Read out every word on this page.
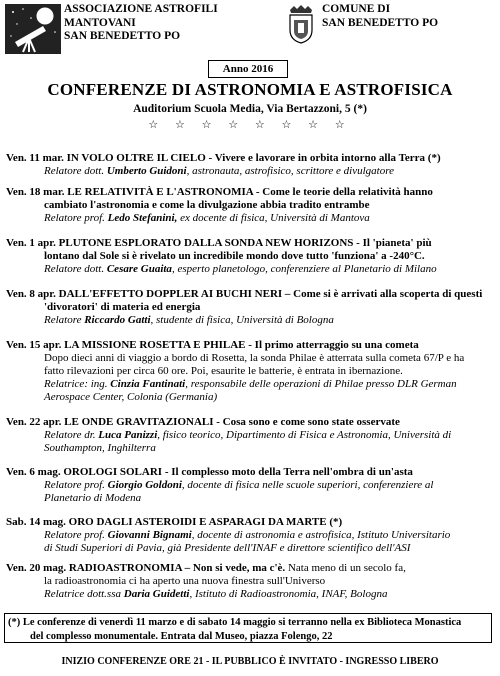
ASSOCIAZIONE ASTROFILI
MANTOVANI
SAN BENEDETTO PO
COMUNE DI
SAN BENEDETTO PO
Anno 2016
CONFERENZE DI ASTRONOMIA E ASTROFISICA
Auditorium Scuola Media, Via Bertazzoni, 5 (*)
☆ ☆ ☆ ☆ ☆ ☆ ☆ ☆
Ven. 11 mar. IN VOLO OLTRE IL CIELO - Vivere e lavorare in orbita intorno alla Terra (*)
Relatore dott. Umberto Guidoni, astronauta, astrofisico, scrittore e divulgatore
Ven. 18 mar. LE RELATIVITÀ E L'ASTRONOMIA - Come le teorie della relatività hanno
cambiato l'astronomia e come la divulgazione abbia tradito entrambe
Relatore prof. Ledo Stefanini, ex docente di fisica, Università di Mantova
Ven. 1 apr. PLUTONE ESPLORATO DALLA SONDA NEW HORIZONS - Il 'pianeta' più
lontano dal Sole si è rivelato un incredibile mondo dove tutto 'funziona' a -240°C.
Relatore dott. Cesare Guaita, esperto planetologo, conferenziere al Planetario di Milano
Ven. 8 apr. DALL'EFFETTO DOPPLER AI BUCHI NERI – Come si è arrivati alla scoperta di questi
'divoratori' di materia ed energia
Relatore Riccardo Gatti, studente di fisica, Università di Bologna
Ven. 15 apr. LA MISSIONE ROSETTA E PHILAE - Il primo atterraggio su una cometa
Dopo dieci anni di viaggio a bordo di Rosetta, la sonda Philae è atterrata sulla cometa 67/P e ha
fatto rilevazioni per circa 60 ore. Poi, esaurite le batterie, è entrata in ibernazione.
Relatrice: ing. Cinzia Fantinati, responsabile delle operazioni di Philae presso DLR German
Aerospace Center, Colonia (Germania)
Ven. 22 apr. LE ONDE GRAVITAZIONALI - Cosa sono e come sono state osservate
Relatore dr. Luca Panizzi, fisico teorico, Dipartimento di Fisica e Astronomia, Università di
Southampton, Inghilterra
Ven. 6 mag. OROLOGI SOLARI - Il complesso moto della Terra nell'ombra di un'asta
Relatore prof. Giorgio Goldoni, docente di fisica nelle scuole superiori, conferenziere al
Planetario di Modena
Sab. 14 mag. ORO DAGLI ASTEROIDI E ASPARAGI DA MARTE (*)
Relatore prof. Giovanni Bignami, docente di astronomia e astrofisica, Istituto Universitario
di Studi Superiori di Pavia, già Presidente dell'INAF e direttore scientifico dell'ASI
Ven. 20 mag. RADIOASTRONOMIA – Non si vede, ma c'è. Nata meno di un secolo fa,
la radioastronomia ci ha aperto una nuova finestra sull'Universo
Relatrice dott.ssa Daria Guidetti, Istituto di Radioastronomia, INAF, Bologna
(*) Le conferenze di venerdì 11 marzo e di sabato 14 maggio si terranno nella ex Biblioteca Monastica
del complesso monumentale. Entrata dal Museo, piazza Folengo, 22
INIZIO CONFERENZE ORE 21 - IL PUBBLICO È INVITATO - INGRESSO LIBERO
